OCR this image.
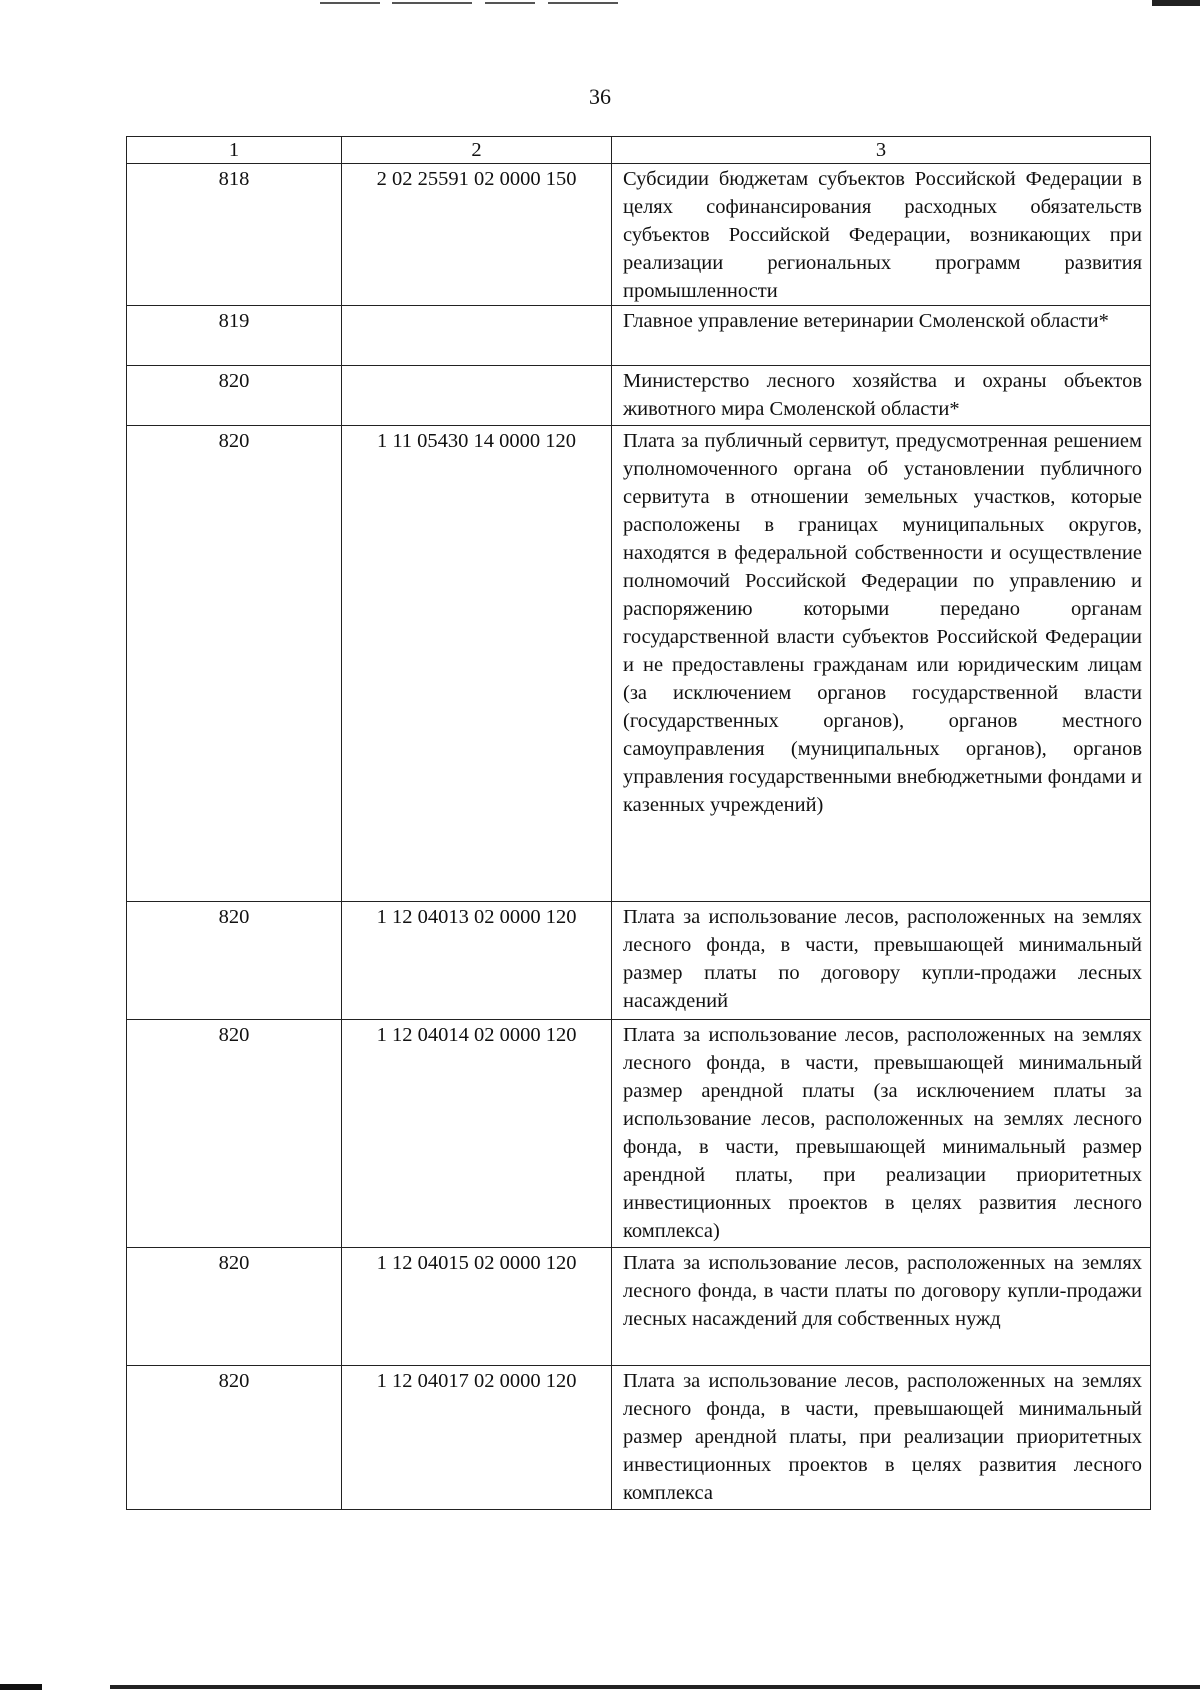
36
1	2	3
818	2 02 25591 02 0000 150	Субсидии бюджетам субъектов Российской Федерации в целях софинансирования расходных обязательств субъектов Российской Федерации, возникающих при реализации региональных программ развития промышленности
819		Главное управление ветеринарии Смоленской области*
820		Министерство лесного хозяйства и охраны объектов животного мира Смоленской области*
820	1 11 05430 14 0000 120	Плата за публичный сервитут, предусмотренная решением уполномоченного органа об установлении публичного сервитута в отношении земельных участков, которые расположены в границах муниципальных округов, находятся в федеральной собственности и осуществление полномочий Российской Федерации по управлению и распоряжению которыми передано органам государственной власти субъектов Российской Федерации и не предоставлены гражданам или юридическим лицам (за исключением органов государственной власти (государственных органов), органов местного самоуправления (муниципальных органов), органов управления государственными внебюджетными фондами и казенных учреждений)
820	1 12 04013 02 0000 120	Плата за использование лесов, расположенных на землях лесного фонда, в части, превышающей минимальный размер платы по договору купли-продажи лесных насаждений
820	1 12 04014 02 0000 120	Плата за использование лесов, расположенных на землях лесного фонда, в части, превышающей минимальный размер арендной платы (за исключением платы за использование лесов, расположенных на землях лесного фонда, в части, превышающей минимальный размер арендной платы, при реализации приоритетных инвестиционных проектов в целях развития лесного комплекса)
820	1 12 04015 02 0000 120	Плата за использование лесов, расположенных на землях лесного фонда, в части платы по договору купли-продажи лесных насаждений для собственных нужд
820	1 12 04017 02 0000 120	Плата за использование лесов, расположенных на землях лесного фонда, в части, превышающей минимальный размер арендной платы, при реализации приоритетных инвестиционных проектов в целях развития лесного комплекса
